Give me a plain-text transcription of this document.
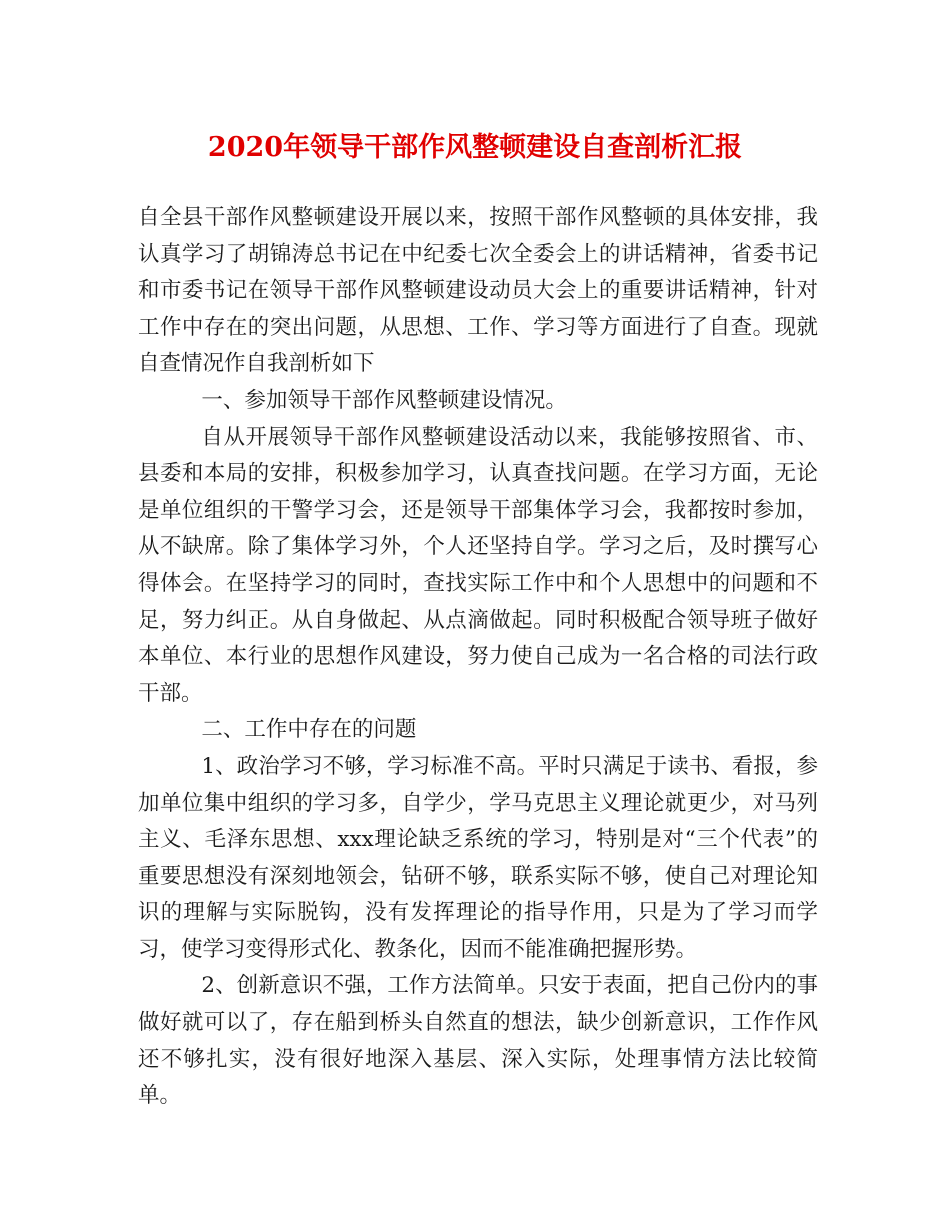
2020年领导干部作风整顿建设自查剖析汇报

自全县干部作风整顿建设开展以来，按照干部作风整顿的具体安排，我认真学习了胡锦涛总书记在中纪委七次全委会上的讲话精神，省委书记和市委书记在领导干部作风整顿建设动员大会上的重要讲话精神，针对工作中存在的突出问题，从思想、工作、学习等方面进行了自查。现就自查情况作自我剖析如下

一、参加领导干部作风整顿建设情况。

自从开展领导干部作风整顿建设活动以来，我能够按照省、市、县委和本局的安排，积极参加学习，认真查找问题。在学习方面，无论是单位组织的干警学习会，还是领导干部集体学习会，我都按时参加，从不缺席。除了集体学习外，个人还坚持自学。学习之后，及时撰写心得体会。在坚持学习的同时，查找实际工作中和个人思想中的问题和不足，努力纠正。从自身做起、从点滴做起。同时积极配合领导班子做好本单位、本行业的思想作风建设，努力使自己成为一名合格的司法行政干部。

二、工作中存在的问题

1、政治学习不够，学习标准不高。平时只满足于读书、看报，参加单位集中组织的学习多，自学少，学马克思主义理论就更少，对马列主义、毛泽东思想、xxx理论缺乏系统的学习，特别是对“三个代表”的重要思想没有深刻地领会，钻研不够，联系实际不够，使自己对理论知识的理解与实际脱钩，没有发挥理论的指导作用，只是为了学习而学习，使学习变得形式化、教条化，因而不能准确把握形势。

2、创新意识不强，工作方法简单。只安于表面，把自己份内的事做好就可以了，存在船到桥头自然直的想法，缺少创新意识，工作作风还不够扎实，没有很好地深入基层、深入实际，处理事情方法比较简单。
